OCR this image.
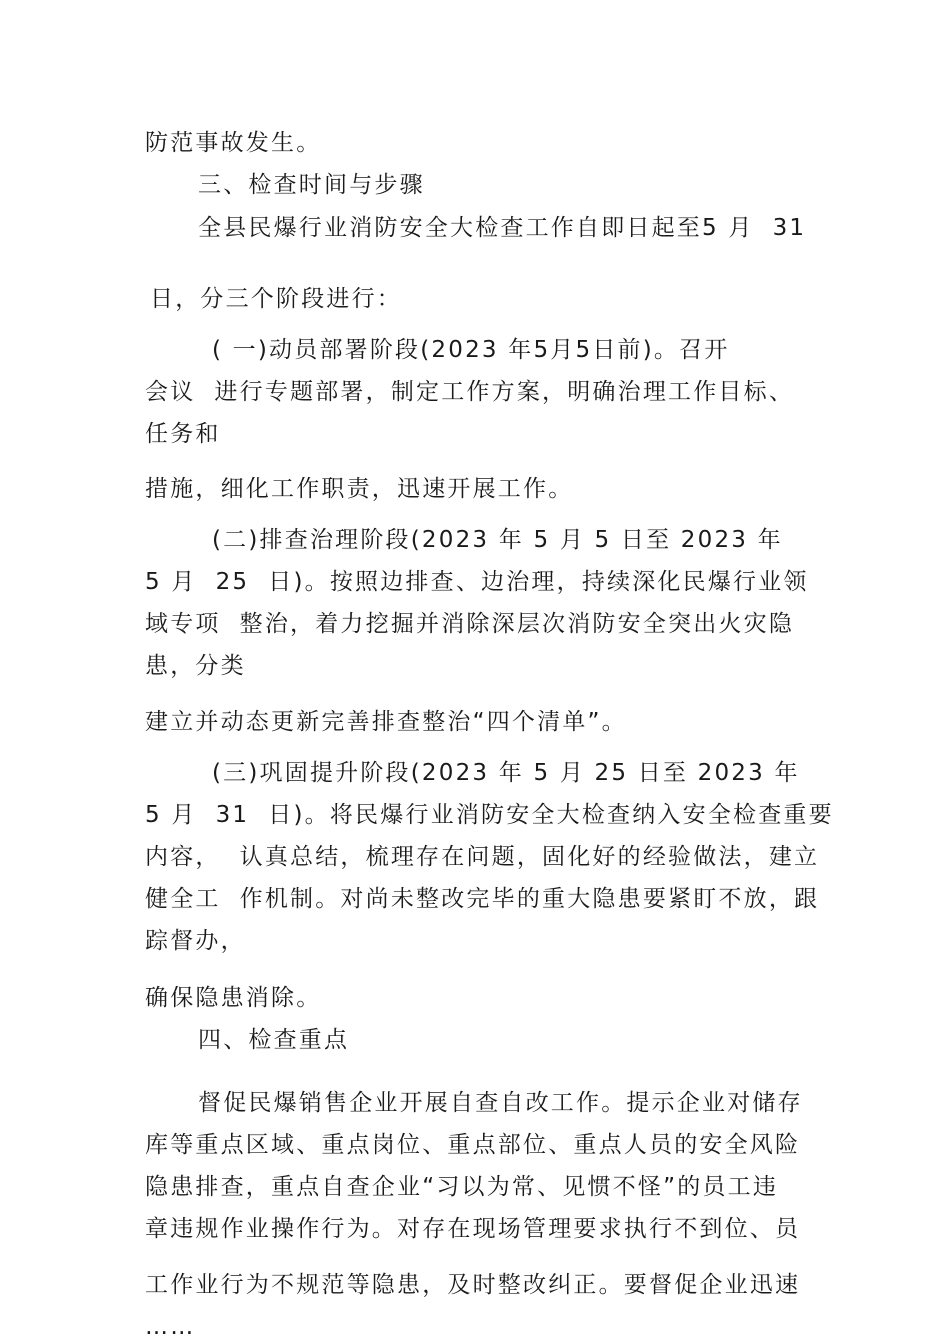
防范事故发生。
三、检查时间与步骤
全县民爆行业消防安全大检查工作自即日起至5 月  31
日，分三个阶段进行：
( 一)动员部署阶段(2023 年5月5日前)。召开
会议  进行专题部署，制定工作方案，明确治理工作目标、
任务和
措施，细化工作职责，迅速开展工作。
(二)排查治理阶段(2023 年 5 月 5 日至 2023 年
5 月  25  日)。按照边排查、边治理，持续深化民爆行业领
域专项  整治，着力挖掘并消除深层次消防安全突出火灾隐
患，分类
建立并动态更新完善排查整治“四个清单”。
(三)巩固提升阶段(2023 年 5 月 25 日至 2023 年
5 月  31  日)。将民爆行业消防安全大检查纳入安全检查重要
内容，  认真总结，梳理存在问题，固化好的经验做法，建立
健全工  作机制。对尚未整改完毕的重大隐患要紧盯不放，跟
踪督办，
确保隐患消除。
四、检查重点
督促民爆销售企业开展自查自改工作。提示企业对储存
库等重点区域、重点岗位、重点部位、重点人员的安全风险
隐患排查，重点自查企业“习以为常、见惯不怪”的员工违
章违规作业操作行为。对存在现场管理要求执行不到位、员
工作业行为不规范等隐患，及时整改纠正。要督促企业迅速
……
